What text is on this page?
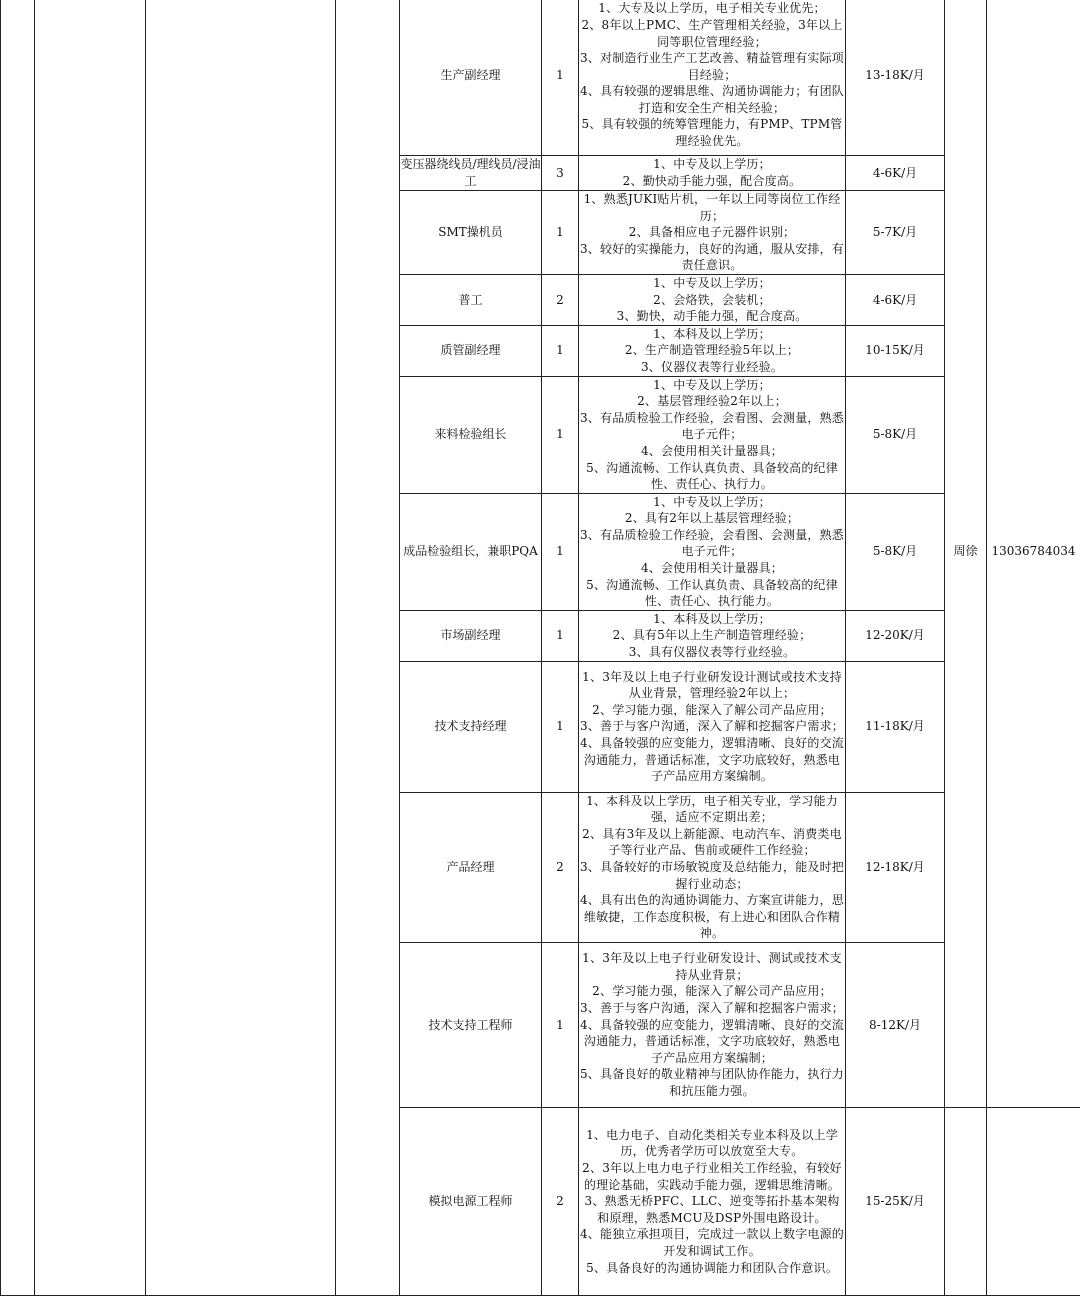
				生产副经理	1	1、大专及以上学历，电子相关专业优先；
2、8年以上PMC、生产管理相关经验，3年以上同等职位管理经验；
3、对制造行业生产工艺改善、精益管理有实际项目经验；
4、具有较强的逻辑思维、沟通协调能力；有团队打造和安全生产相关经验；
5、具有较强的统筹管理能力，有PMP、TPM管理经验优先。	13-18K/月	周徐	13036784034
				变压器绕线员/理线员/浸油工	3	1、中专及以上学历；
2、勤快动手能力强，配合度高。	4-6K/月		
				SMT操机员	1	1、熟悉JUKI贴片机，一年以上同等岗位工作经历；
2、具备相应电子元器件识别；
3、较好的实操能力，良好的沟通，服从安排，有责任意识。	5-7K/月		
				普工	2	1、中专及以上学历；
2、会烙铁，会装机；
3、勤快，动手能力强，配合度高。	4-6K/月		
				质管副经理	1	1、本科及以上学历；
2、生产制造管理经验5年以上；
3、仪器仪表等行业经验。	10-15K/月		
				来料检验组长	1	1、中专及以上学历；
2、基层管理经验2年以上；
3、有品质检验工作经验，会看图、会测量，熟悉电子元件；
4、会使用相关计量器具；
5、沟通流畅、工作认真负责、具备较高的纪律性、责任心、执行力。	5-8K/月		
				成品检验组长，兼职PQA	1	1、中专及以上学历；
2、具有2年以上基层管理经验；
3、有品质检验工作经验，会看图、会测量，熟悉电子元件；
4、会使用相关计量器具；
5、沟通流畅、工作认真负责、具备较高的纪律性、责任心、执行能力。	5-8K/月		
				市场副经理	1	1、本科及以上学历；
2、具有5年以上生产制造管理经验；
3、具有仪器仪表等行业经验。	12-20K/月		
				技术支持经理	1	1、3年及以上电子行业研发设计测试或技术支持从业背景，管理经验2年以上；
2、学习能力强，能深入了解公司产品应用；
3、善于与客户沟通，深入了解和挖掘客户需求；
4、具备较强的应变能力，逻辑清晰、良好的交流沟通能力，普通话标准，文字功底较好，熟悉电子产品应用方案编制。	11-18K/月		
				产品经理	2	1、本科及以上学历，电子相关专业，学习能力强，适应不定期出差；
2、具有3年及以上新能源、电动汽车、消费类电子等行业产品、售前或硬件工作经验；
3、具备较好的市场敏锐度及总结能力，能及时把握行业动态；
4、具有出色的沟通协调能力、方案宣讲能力，思维敏捷，工作态度积极，有上进心和团队合作精神。	12-18K/月		
				技术支持工程师	1	1、3年及以上电子行业研发设计、测试或技术支持从业背景；
2、学习能力强，能深入了解公司产品应用；
3、善于与客户沟通，深入了解和挖掘客户需求；
4、具备较强的应变能力，逻辑清晰、良好的交流沟通能力，普通话标准，文字功底较好，熟悉电子产品应用方案编制；
5、具备良好的敬业精神与团队协作能力，执行力和抗压能力强。	8-12K/月		
				模拟电源工程师	2	1、电力电子、自动化类相关专业本科及以上学历，优秀者学历可以放宽至大专。
2、3年以上电力电子行业相关工作经验，有较好的理论基础，实践动手能力强，逻辑思维清晰。
3、熟悉无桥PFC、LLC、逆变等拓扑基本架构和原理，熟悉MCU及DSP外围电路设计。
4、能独立承担项目，完成过一款以上数字电源的开发和调试工作。
5、具备良好的沟通协调能力和团队合作意识。	15-25K/月		
